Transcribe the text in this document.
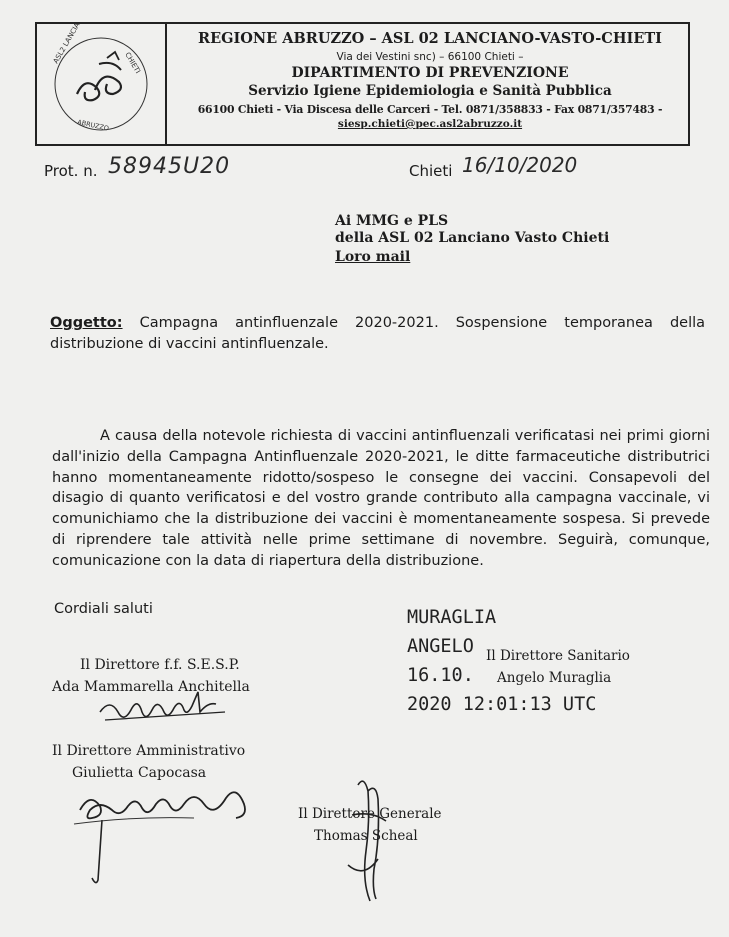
ASL2 LANCIANO	CHIETI
ABRUZZO
REGIONE ABRUZZO – ASL 02 LANCIANO-VASTO-CHIETI
Via dei Vestini snc) – 66100 Chieti –
DIPARTIMENTO DI PREVENZIONE
Servizio Igiene Epidemiologia e Sanità Pubblica
66100 Chieti - Via Discesa delle Carceri - Tel. 0871/358833 - Fax 0871/357483 -
siesp.chieti@pec.asl2abruzzo.it
Prot. n. 58945U20	Chieti 16/10/2020
Ai MMG e PLS
della ASL 02 Lanciano Vasto Chieti
Loro mail
Oggetto: Campagna antinfluenzale 2020-2021. Sospensione temporanea della distribuzione di vaccini antinfluenzale.
A causa della notevole richiesta di vaccini antinfluenzali verificatasi nei primi giorni dall'inizio della Campagna Antinfluenzale 2020-2021, le ditte farmaceutiche distributrici hanno momentaneamente ridotto/sospeso le consegne dei vaccini. Consapevoli del disagio di quanto verificatosi e del vostro grande contributo alla campagna vaccinale, vi comunichiamo che la distribuzione dei vaccini è momentaneamente sospesa. Si prevede di riprendere tale attività nelle prime settimane di novembre. Seguirà, comunque, comunicazione con la data di riapertura della distribuzione.
Cordiali saluti	MURAGLIA
ANGELO
16.10.
2020 12:01:13 UTC
Il Direttore Sanitario
Angelo Muraglia
Il Direttore f.f. S.E.S.P.
Ada Mammarella Anchitella
Il Direttore Amministrativo
Giulietta Capocasa
Il Direttore Generale
Thomas Scheal
